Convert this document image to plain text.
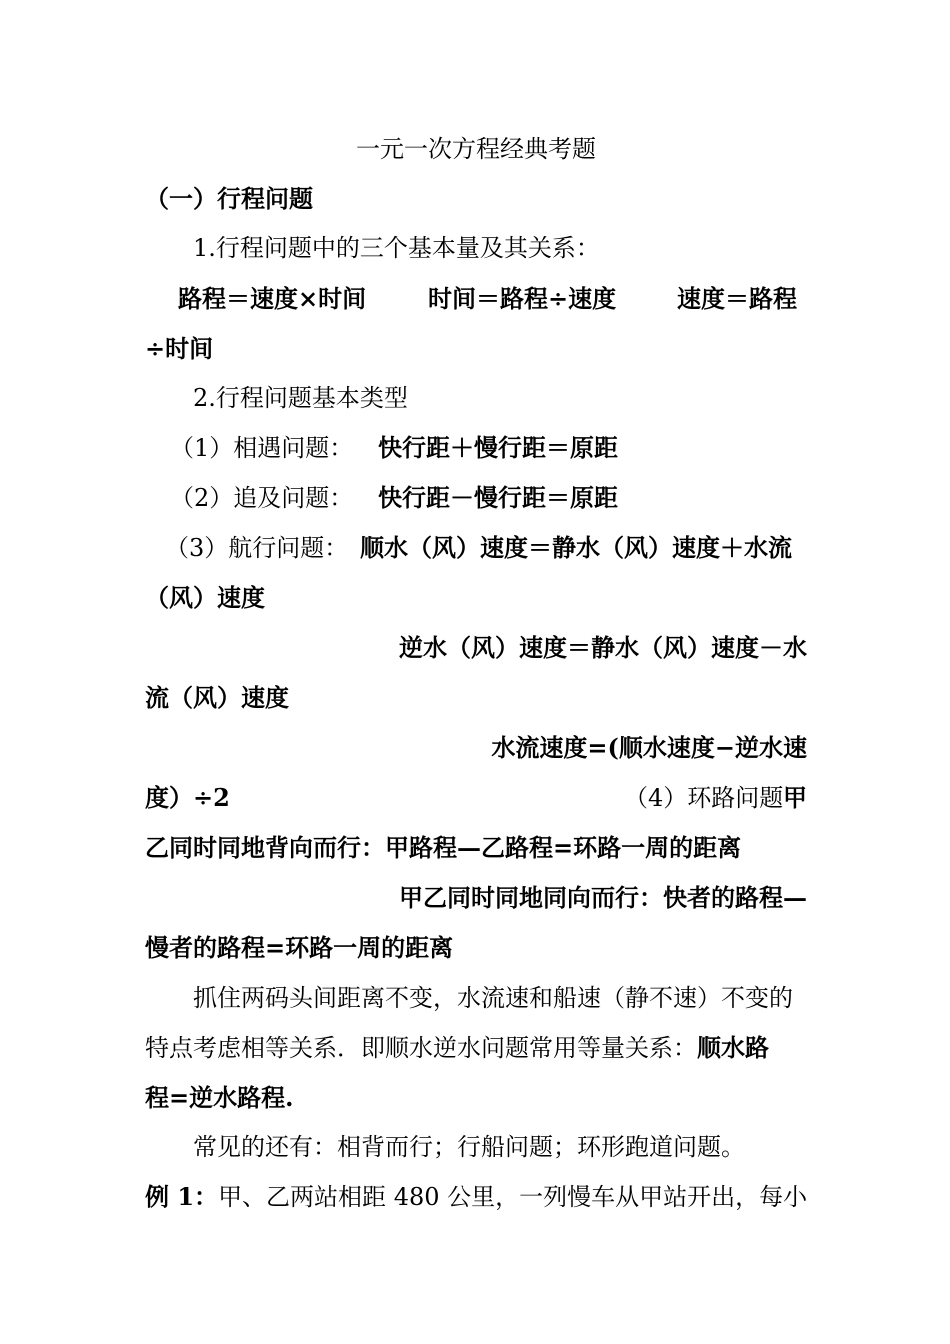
一元一次方程经典考题
（一）行程问题
1.行程问题中的三个基本量及其关系：
路程＝速度×时间	时间＝路程÷速度	速度＝路程
÷时间
2.行程问题基本类型
（1）相遇问题：	快行距＋慢行距＝原距
（2）追及问题：	快行距－慢行距＝原距
（3）航行问题： 顺水（风）速度＝静水（风）速度＋水流
（风）速度
逆水（风）速度＝静水（风）速度－水
流（风）速度
水流速度=(顺水速度−逆水速
度）÷2	（4）环路问题 甲
乙同时同地背向而行：甲路程—乙路程=环路一周的距离
甲乙同时同地同向而行：快者的路程—
慢者的路程=环路一周的距离
抓住两码头间距离不变，水流速和船速（静不速）不变的
特点考虑相等关系．即顺水逆水问题常用等量关系：顺水路
程=逆水路程.
常见的还有：相背而行；行船问题；环形跑道问题。
例 1：甲、乙两站相距 480 公里，一列慢车从甲站开出，每小
